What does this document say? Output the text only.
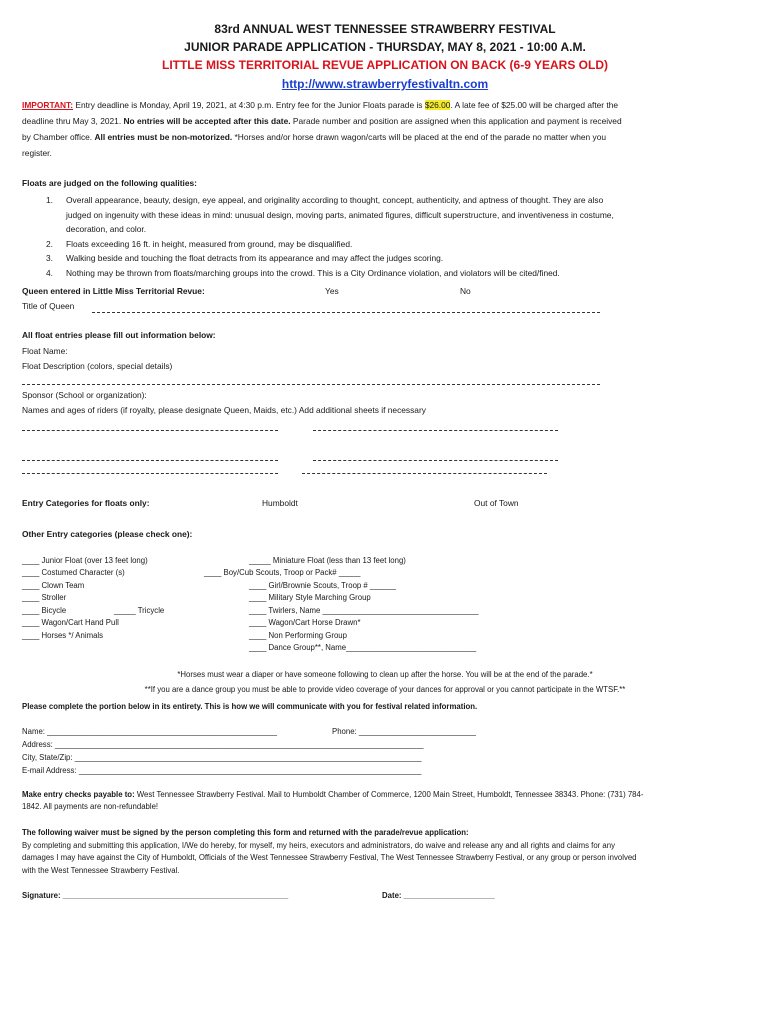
83rd ANNUAL WEST TENNESSEE STRAWBERRY FESTIVAL
JUNIOR PARADE APPLICATION - THURSDAY, MAY 8, 2021 - 10:00 A.M.
LITTLE MISS TERRITORIAL REVUE APPLICATION ON BACK (6-9 YEARS OLD)
http://www.strawberryfestivaltn.com
IMPORTANT: Entry deadline is Monday, April 19, 2021, at 4:30 p.m. Entry fee for the Junior Floats parade is $26.00. A late fee of $25.00 will be charged after the
deadline thru May 3, 2021. No entries will be accepted after this date. Parade number and position are assigned when this application and payment is received
by Chamber office. All entries must be non-motorized. *Horses and/or horse drawn wagon/carts will be placed at the end of the parade no matter when you
register.
Floats are judged on the following qualities:
1. Overall appearance, beauty, design, eye appeal, and originality according to thought, concept, authenticity, and aptness of thought. They are also
judged on ingenuity with these ideas in mind: unusual design, moving parts, animated figures, difficult superstructure, and inventiveness in costume,
decoration, and color.
2. Floats exceeding 16 ft. in height, measured from ground, may be disqualified.
3. Walking beside and touching the float detracts from its appearance and may affect the judges scoring.
4. Nothing may be thrown from floats/marching groups into the crowd. This is a City Ordinance violation, and violators will be cited/fined.
Queen entered in Little Miss Territorial Revue:	Yes	No
Title of Queen
All float entries please fill out information below:
Float Name:
Float Description (colors, special details)
Sponsor (School or organization):
Names and ages of riders (if royalty, please designate Queen, Maids, etc.) Add additional sheets if necessary
Entry Categories for floats only:	Humboldt	Out of Town
Other Entry categories (please check one):
____ Junior Float (over 13 feet long)
____ Costumed Character (s)
____ Clown Team
____ Stroller
____ Bicycle	_____ Tricycle
____ Wagon/Cart Hand Pull
____ Horses */ Animals
_____ Miniature Float (less than 13 feet long)
____ Boy/Cub Scouts, Troop or Pack# _____
____ Girl/Brownie Scouts, Troop # ______
____ Military Style Marching Group
____ Twirlers, Name ____________________________________
____ Wagon/Cart Horse Drawn*
____ Non Performing Group
____ Dance Group**, Name______________________________
*Horses must wear a diaper or have someone following to clean up after the horse. You will be at the end of the parade.*
**If you are a dance group you must be able to provide video coverage of your dances for approval or you cannot participate in the WTSF.**
Please complete the portion below in its entirety. This is how we will communicate with you for festival related information.
Name: _____________________________________________________	Phone: ___________________________
Address: _____________________________________________________________________________________
City, State/Zip: ________________________________________________________________________________
E-mail Address: _______________________________________________________________________________
Make entry checks payable to: West Tennessee Strawberry Festival. Mail to Humboldt Chamber of Commerce, 1200 Main Street, Humboldt, Tennessee 38343. Phone: (731) 784-
1842. All payments are non-refundable!
The following waiver must be signed by the person completing this form and returned with the parade/revue application:
By completing and submitting this application, I/We do hereby, for myself, my heirs, executors and administrators, do waive and release any and all rights and claims for any
damages I may have against the City of Humboldt, Officials of the West Tennessee Strawberry Festival, The West Tennessee Strawberry Festival, or any group or person involved
with the West Tennessee Strawberry Festival.
Signature: ____________________________________________________	Date: _____________________
